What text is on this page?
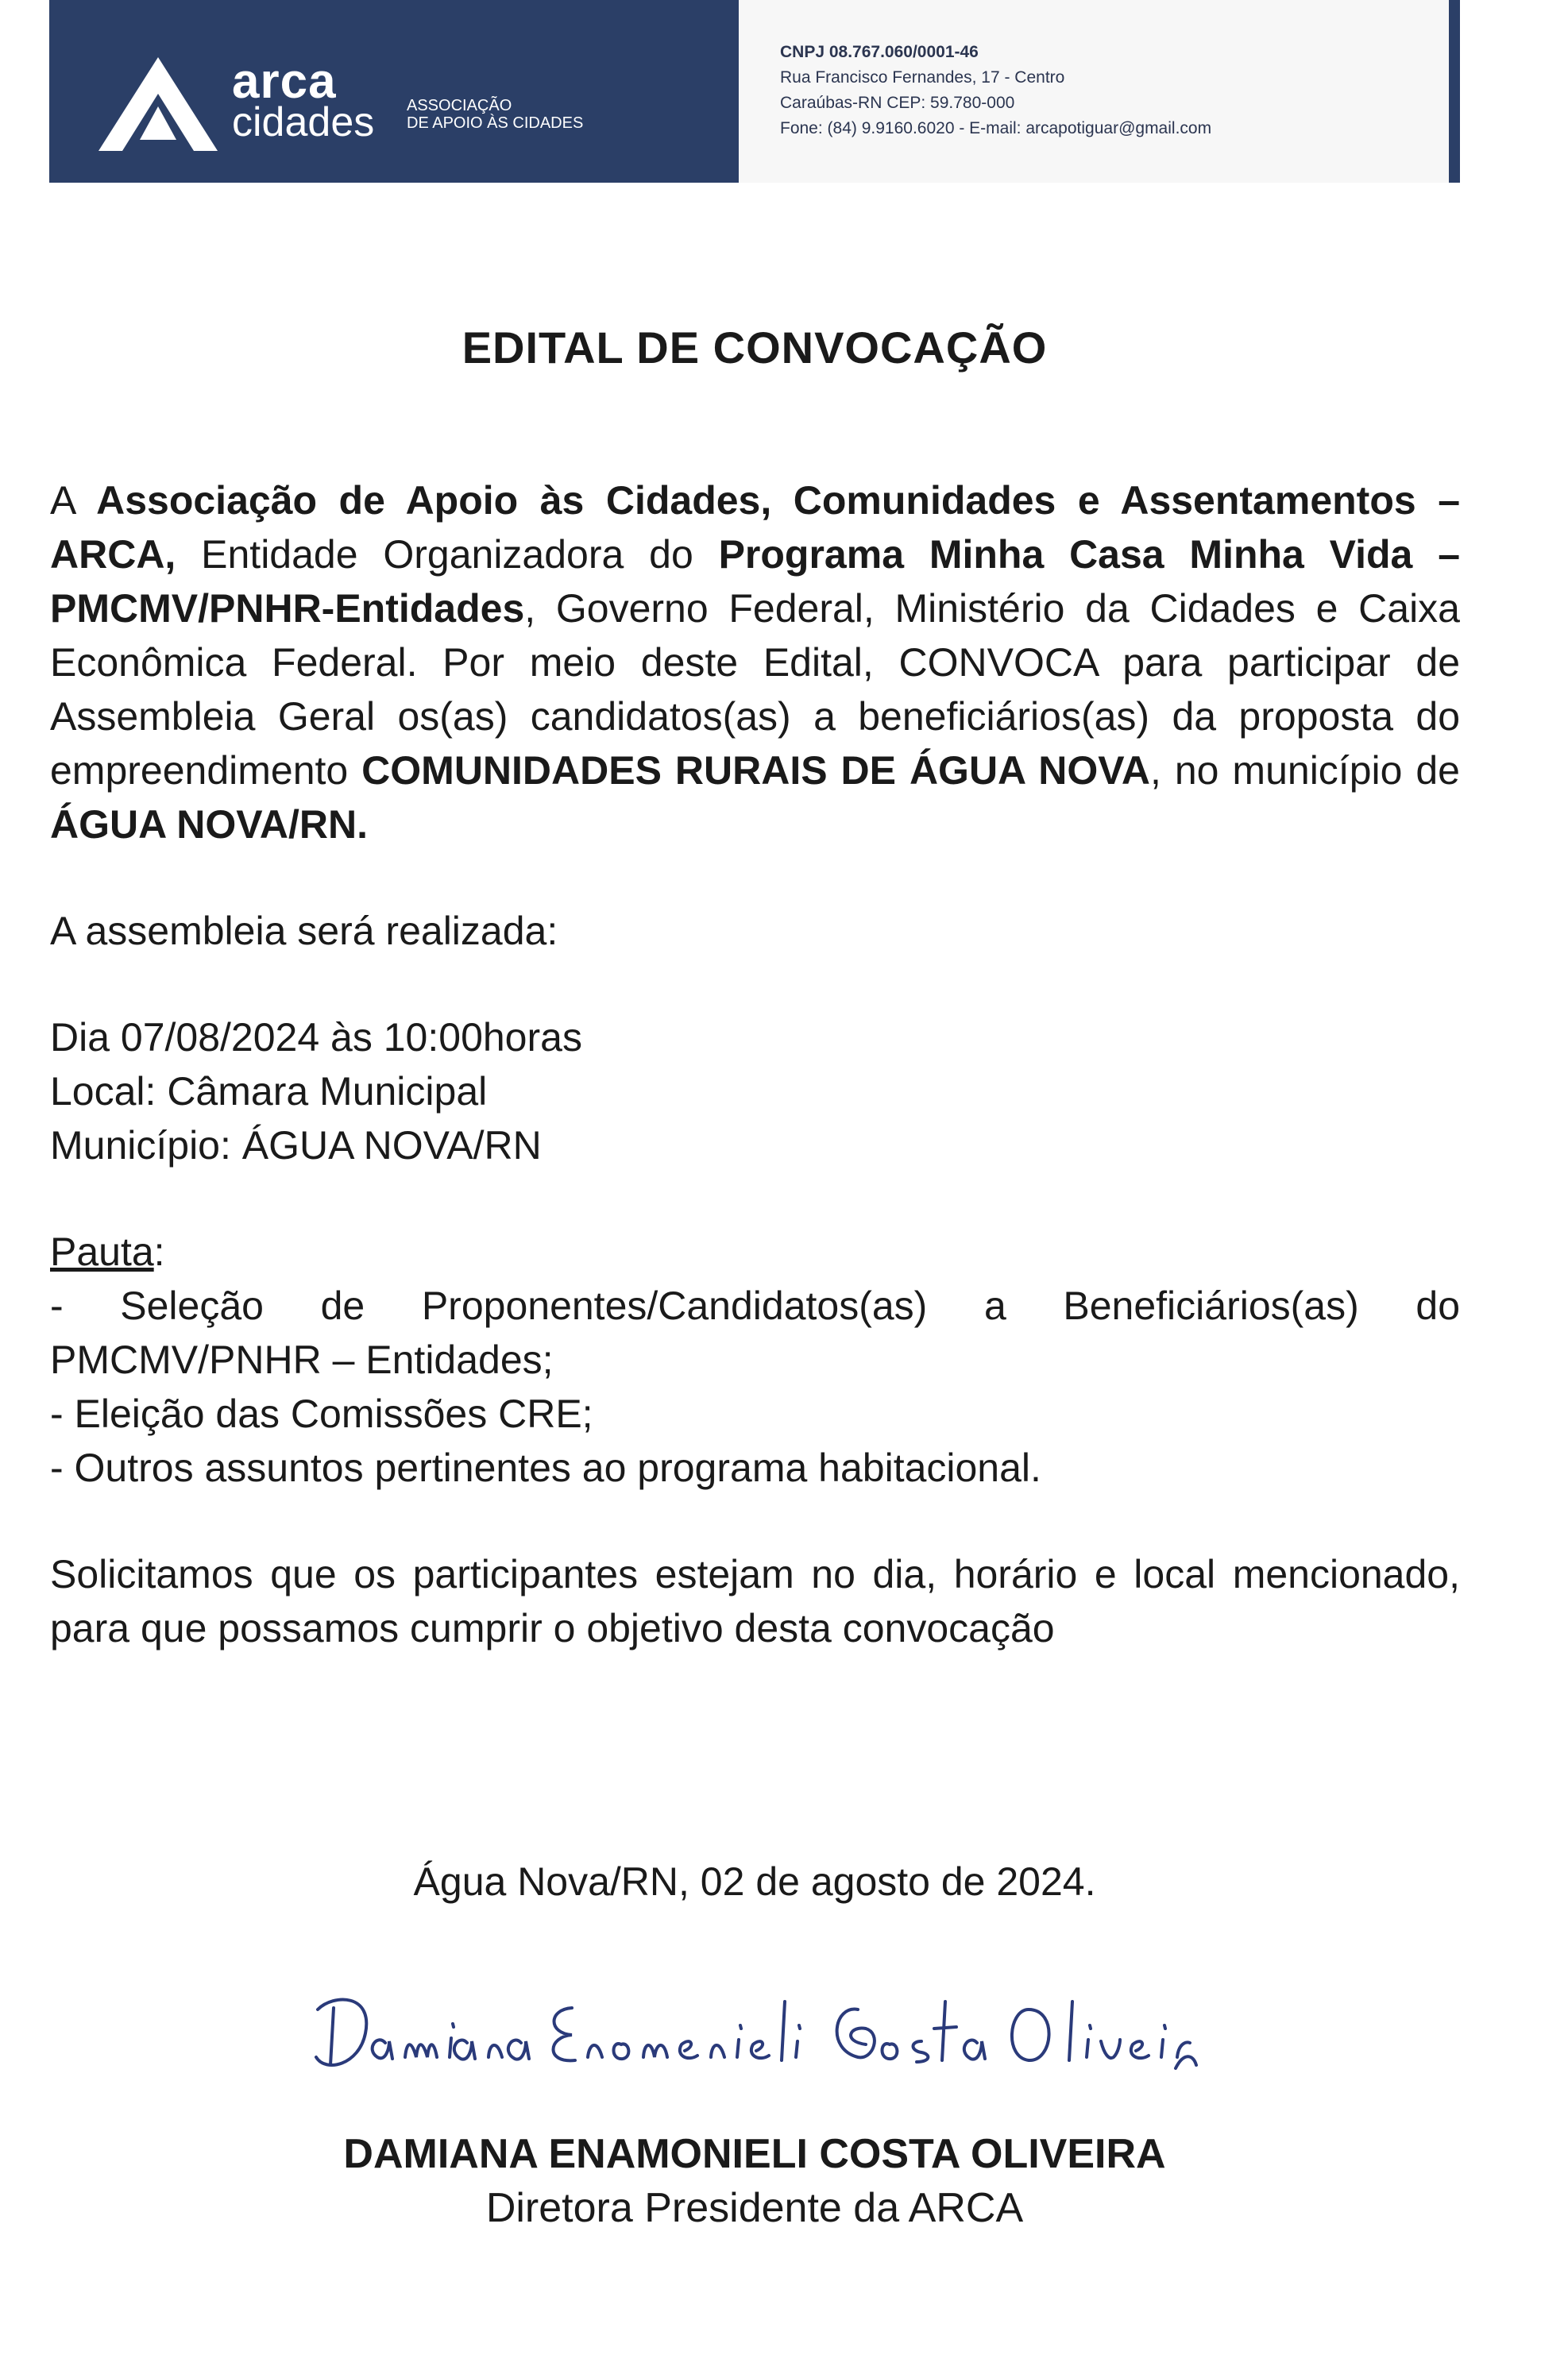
arca
cidades ASSOCIAÇÃO
DE APOIO ÀS CIDADES
CNPJ 08.767.060/0001-46
Rua Francisco Fernandes, 17 - Centro
Caraúbas-RN CEP: 59.780-000
Fone: (84) 9.9160.6020 - E-mail: arcapotiguar@gmail.com
EDITAL DE CONVOCAÇÃO

A Associação de Apoio às Cidades, Comunidades e Assentamentos – ARCA, Entidade Organizadora do Programa Minha Casa Minha Vida – PMCMV/PNHR-Entidades, Governo Federal, Ministério da Cidades e Caixa Econômica Federal. Por meio deste Edital, CONVOCA para participar de Assembleia Geral os(as) candidatos(as) a beneficiários(as) da proposta do empreendimento COMUNIDADES RURAIS DE ÁGUA NOVA, no município de ÁGUA NOVA/RN.

A assembleia será realizada:

Dia 07/08/2024 às 10:00horas

Local: Câmara Municipal

Município: ÁGUA NOVA/RN

Pauta:

- Seleção de Proponentes/Candidatos(as) a Beneficiários(as) do PMCMV/PNHR – Entidades;

- Eleição das Comissões CRE;

- Outros assuntos pertinentes ao programa habitacional.

Solicitamos que os participantes estejam no dia, horário e local mencionado, para que possamos cumprir o objetivo desta convocação

Água Nova/RN, 02 de agosto de 2024.
DAMIANA ENAMONIELI COSTA OLIVEIRA
Diretora Presidente da ARCA
